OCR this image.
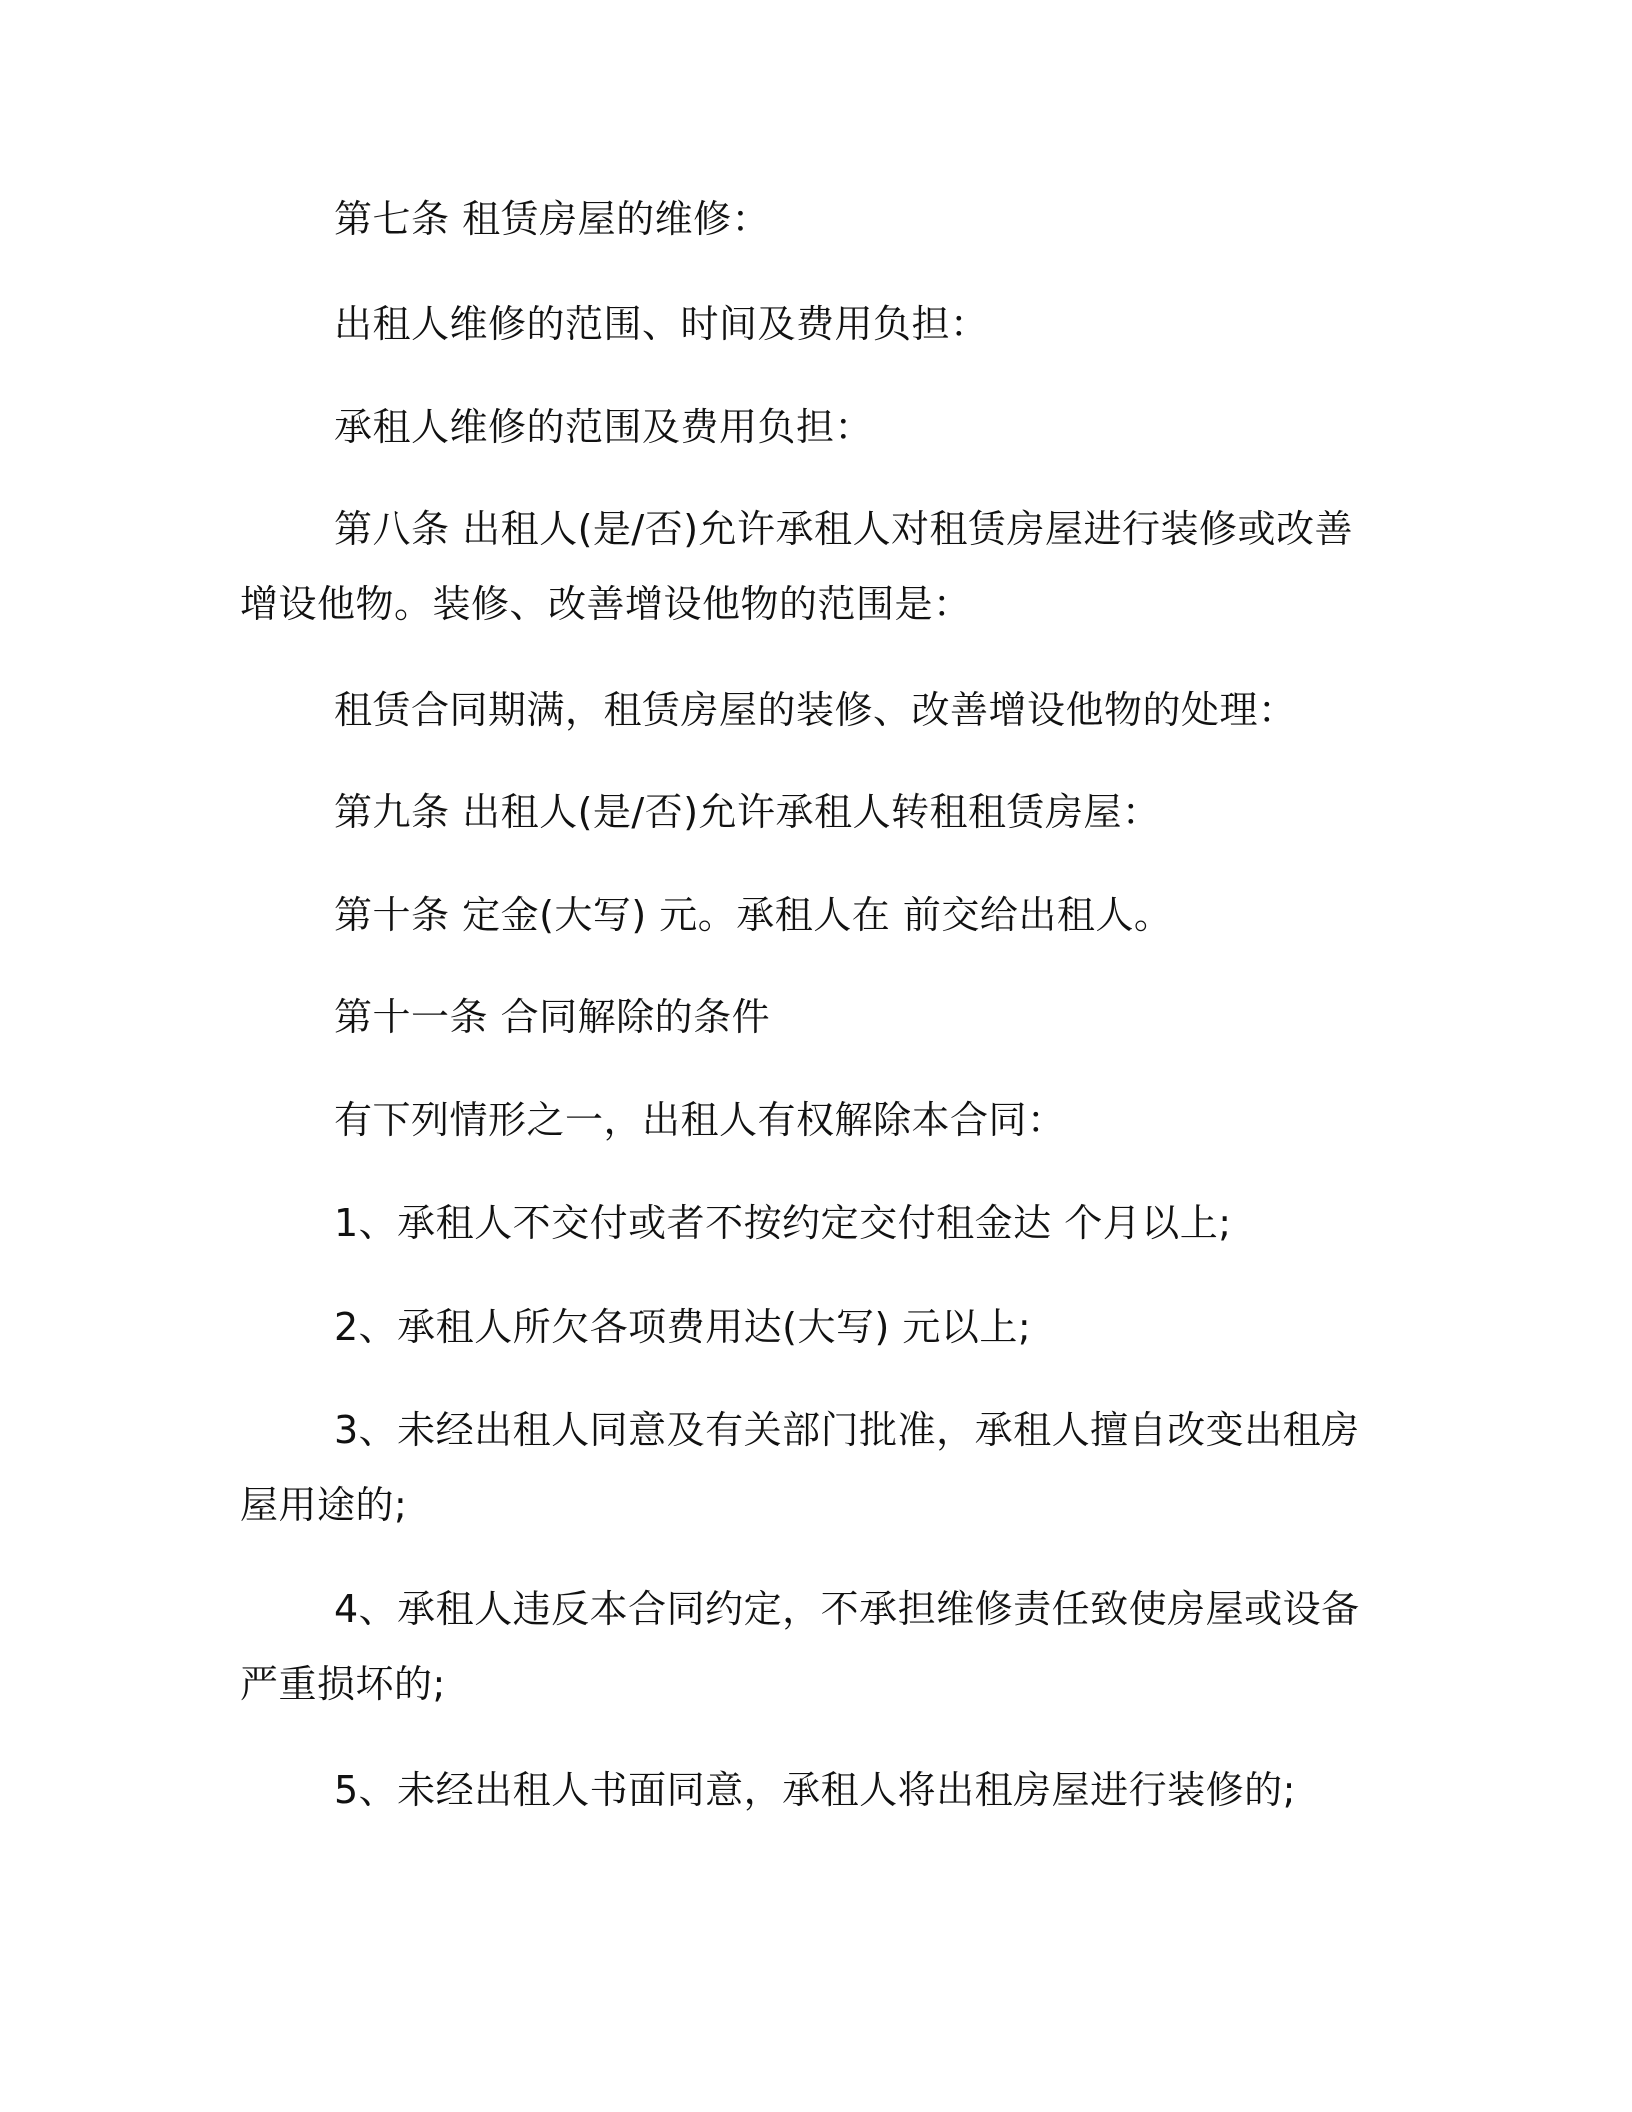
第七条 租赁房屋的维修：

出租人维修的范围、时间及费用负担：

承租人维修的范围及费用负担：

第八条 出租人(是/否)允许承租人对租赁房屋进行装修或改善增设他物。装修、改善增设他物的范围是：

租赁合同期满，租赁房屋的装修、改善增设他物的处理：

第九条 出租人(是/否)允许承租人转租租赁房屋：

第十条 定金(大写) 元。承租人在 前交给出租人。

第十一条 合同解除的条件

有下列情形之一，出租人有权解除本合同：

1、承租人不交付或者不按约定交付租金达 个月以上;

2、承租人所欠各项费用达(大写) 元以上;

3、未经出租人同意及有关部门批准，承租人擅自改变出租房屋用途的;

4、承租人违反本合同约定，不承担维修责任致使房屋或设备严重损坏的;

5、未经出租人书面同意，承租人将出租房屋进行装修的;
